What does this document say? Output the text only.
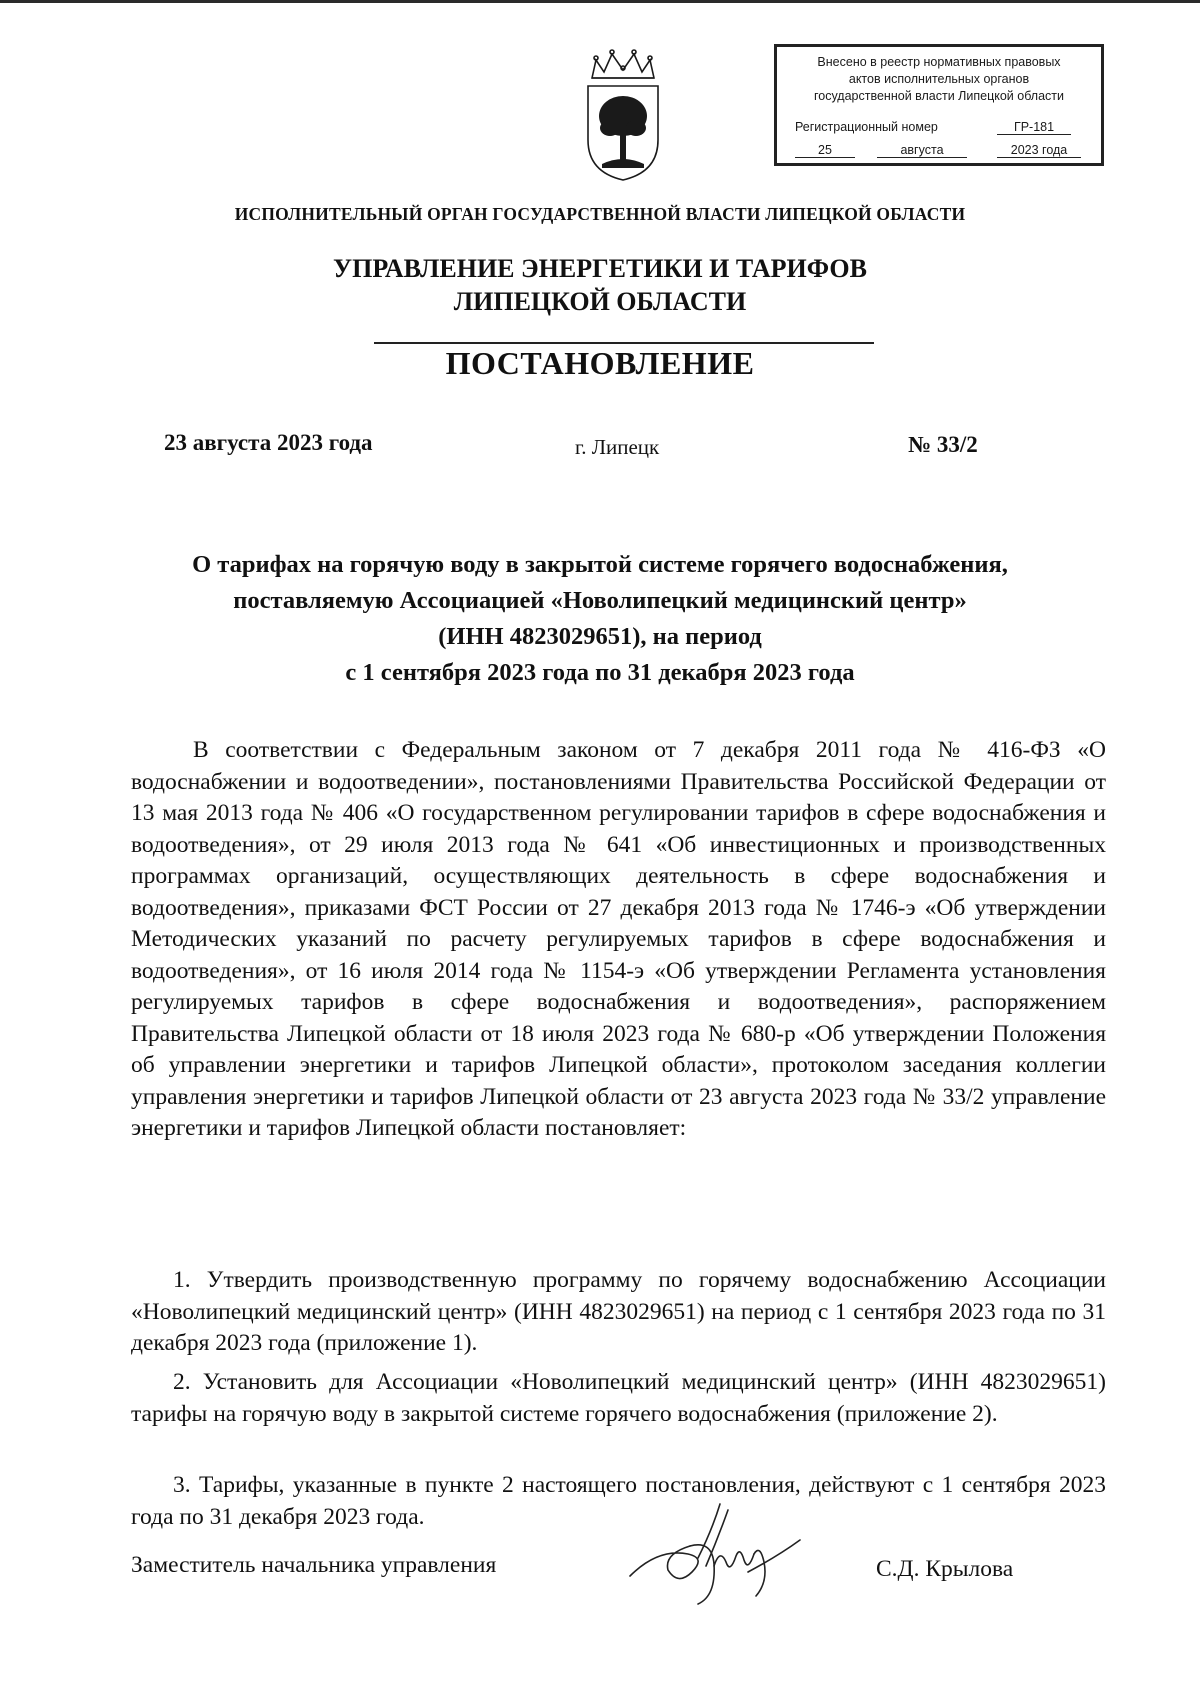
Внесено в реестр нормативных правовых
актов исполнительных органов
государственной власти Липецкой области
Регистрационный номер	ГР-181
25	августа	2023 года
ИСПОЛНИТЕЛЬНЫЙ ОРГАН ГОСУДАРСТВЕННОЙ ВЛАСТИ ЛИПЕЦКОЙ ОБЛАСТИ
УПРАВЛЕНИЕ ЭНЕРГЕТИКИ И ТАРИФОВ
ЛИПЕЦКОЙ ОБЛАСТИ
ПОСТАНОВЛЕНИЕ
23 августа 2023 года	г. Липецк	№ 33/2
О тарифах на горячую воду в закрытой системе горячего водоснабжения,
поставляемую Ассоциацией «Новолипецкий медицинский центр»
(ИНН 4823029651), на период
с 1 сентября 2023 года по 31 декабря 2023 года
В соответствии с Федеральным законом от 7 декабря 2011 года № 416-ФЗ «О водоснабжении и водоотведении», постановлениями Правительства Российской Федерации от 13 мая 2013 года № 406 «О государственном регулировании тарифов в сфере водоснабжения и водоотведения», от 29 июля 2013 года № 641 «Об инвестиционных и производственных программах организаций, осуществляющих деятельность в сфере водоснабжения и водоотведения», приказами ФСТ России от 27 декабря 2013 года № 1746-э «Об утверждении Методических указаний по расчету регулируемых тарифов в сфере водоснабжения и водоотведения», от 16 июля 2014 года № 1154-э «Об утверждении Регламента установления регулируемых тарифов в сфере водоснабжения и водоотведения», распоряжением Правительства Липецкой области от 18 июля 2023 года № 680-р «Об утверждении Положения об управлении энергетики и тарифов Липецкой области», протоколом заседания коллегии управления энергетики и тарифов Липецкой области от 23 августа 2023 года № 33/2 управление энергетики и тарифов Липецкой области постановляет:
1. Утвердить производственную программу по горячему водоснабжению Ассоциации «Новолипецкий медицинский центр» (ИНН 4823029651) на период с 1 сентября 2023 года по 31 декабря 2023 года (приложение 1).
2. Установить для Ассоциации «Новолипецкий медицинский центр» (ИНН 4823029651) тарифы на горячую воду в закрытой системе горячего водоснабжения (приложение 2).
3. Тарифы, указанные в пункте 2 настоящего постановления, действуют с 1 сентября 2023 года по 31 декабря 2023 года.
Заместитель начальника управления	С.Д. Крылова
